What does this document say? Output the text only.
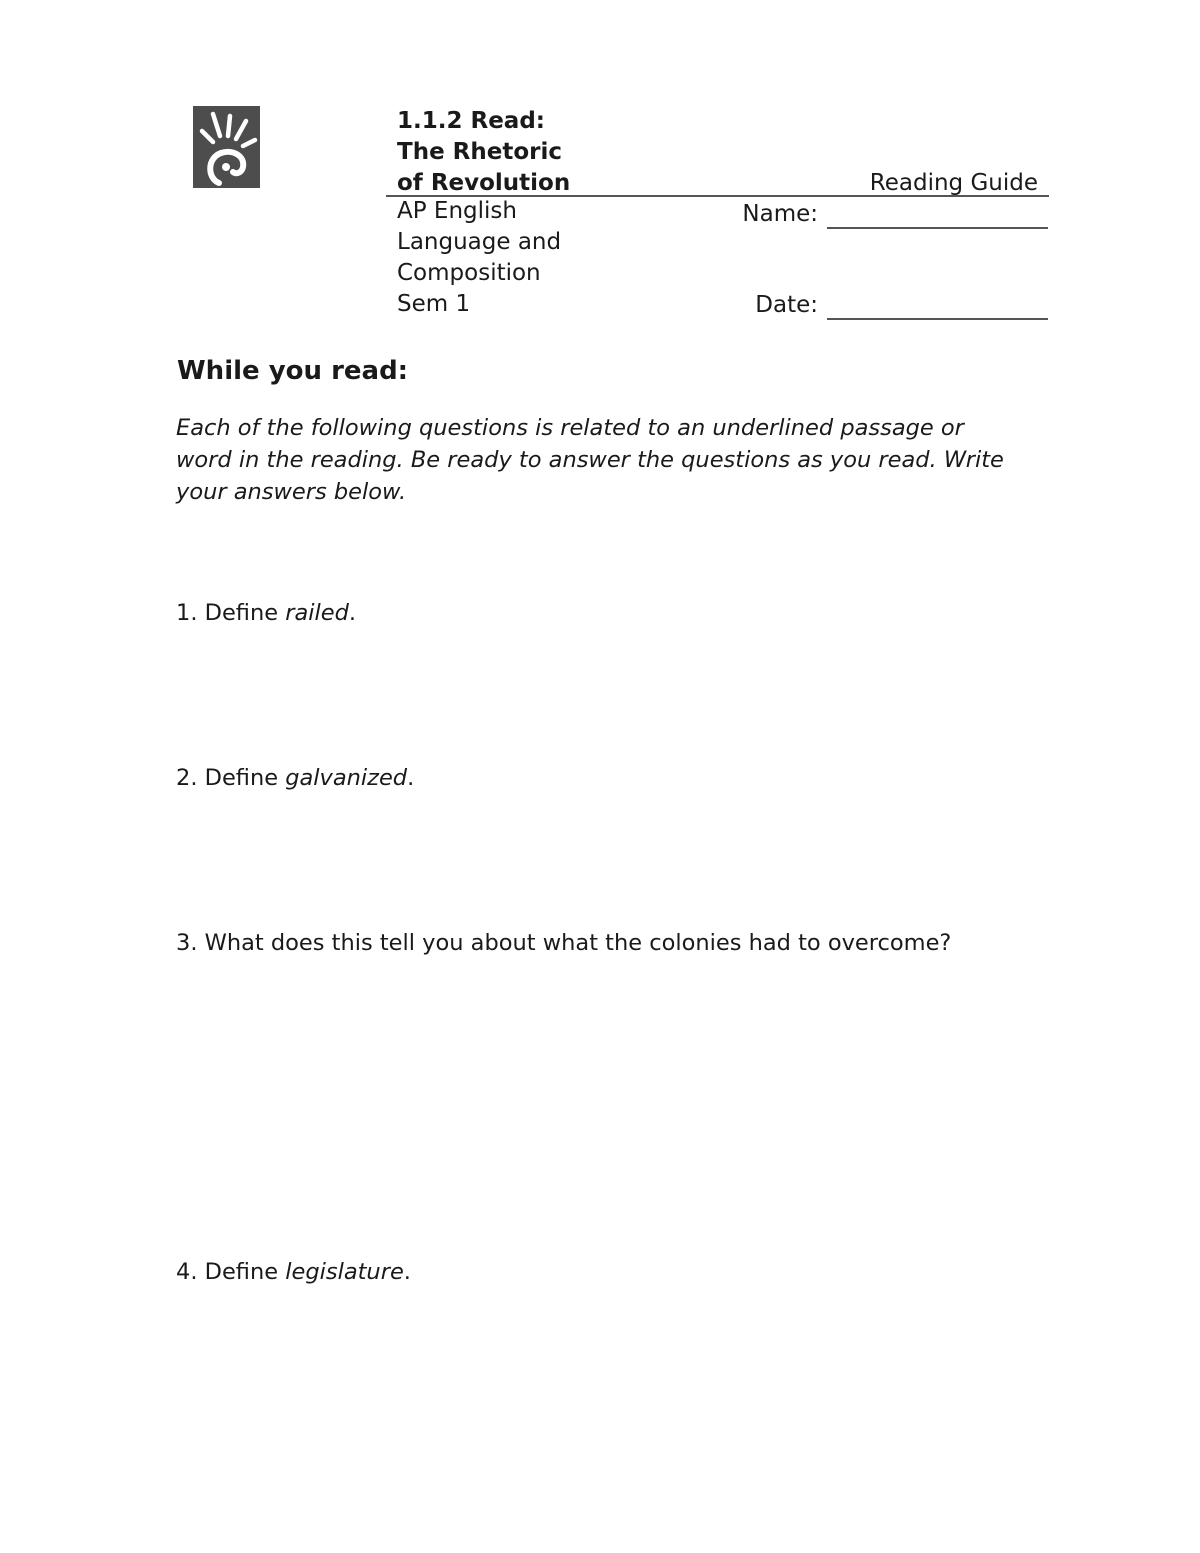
1.1.2 Read:
The Rhetoric
of Revolution	Reading Guide
AP English
Language and
Composition
Sem 1
Name:
Date:
While you read:
Each of the following questions is related to an underlined passage or
word in the reading. Be ready to answer the questions as you read. Write
your answers below.
1. Define railed.
2. Define galvanized.
3. What does this tell you about what the colonies had to overcome?
4. Define legislature.
